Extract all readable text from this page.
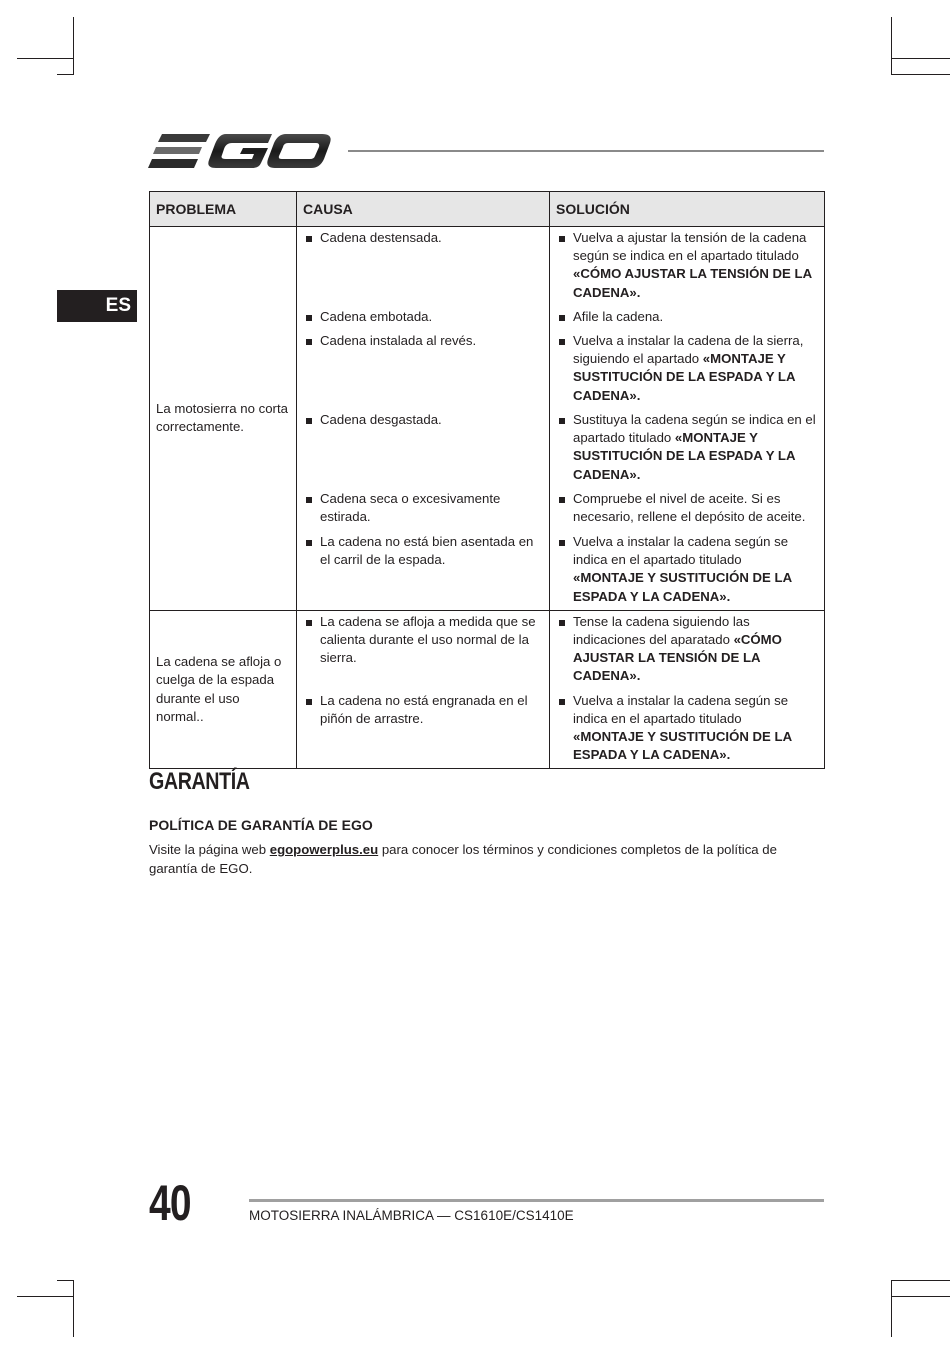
ES
PROBLEMA	CAUSA	SOLUCIÓN
La motosierra no corta correctamente.	Cadena destensada.	Vuelva a ajustar la tensión de la cadena según se indica en el apartado titulado «CÓMO AJUSTAR LA TENSIÓN DE LA CADENA».

	Cadena embotada.	Afile la cadena.

	Cadena instalada al revés.	Vuelva a instalar la cadena de la sierra, siguiendo el apartado «MONTAJE Y SUSTITUCIÓN DE LA ESPADA Y LA CADENA».

	Cadena desgastada.	Sustituya la cadena según se indica en el apartado titulado «MONTAJE Y SUSTITUCIÓN DE LA ESPADA Y LA CADENA».

	Cadena seca o excesivamente estirada.	Compruebe el nivel de aceite. Si es necesario, rellene el depósito de aceite.

	La cadena no está bien asentada en el carril de la espada.	Vuelva a instalar la cadena según se indica en el apartado titulado «MONTAJE Y SUSTITUCIÓN DE LA ESPADA Y LA CADENA».

La cadena se afloja o cuelga de la espada durante el uso normal..	La cadena se afloja a medida que se calienta durante el uso normal de la sierra.	Tense la cadena siguiendo las indicaciones del aparatado «CÓMO AJUSTAR LA TENSIÓN DE LA CADENA».

	La cadena no está engranada en el piñón de arrastre.	Vuelva a instalar la cadena según se indica en el apartado titulado «MONTAJE Y SUSTITUCIÓN DE LA ESPADA Y LA CADENA».
GARANTÍA
POLÍTICA DE GARANTÍA DE EGO
Visite la página web egopowerplus.eu para conocer los términos y condiciones completos de la política de garantía de EGO.
40	MOTOSIERRA INALÁMBRICA — CS1610E/CS1410E
